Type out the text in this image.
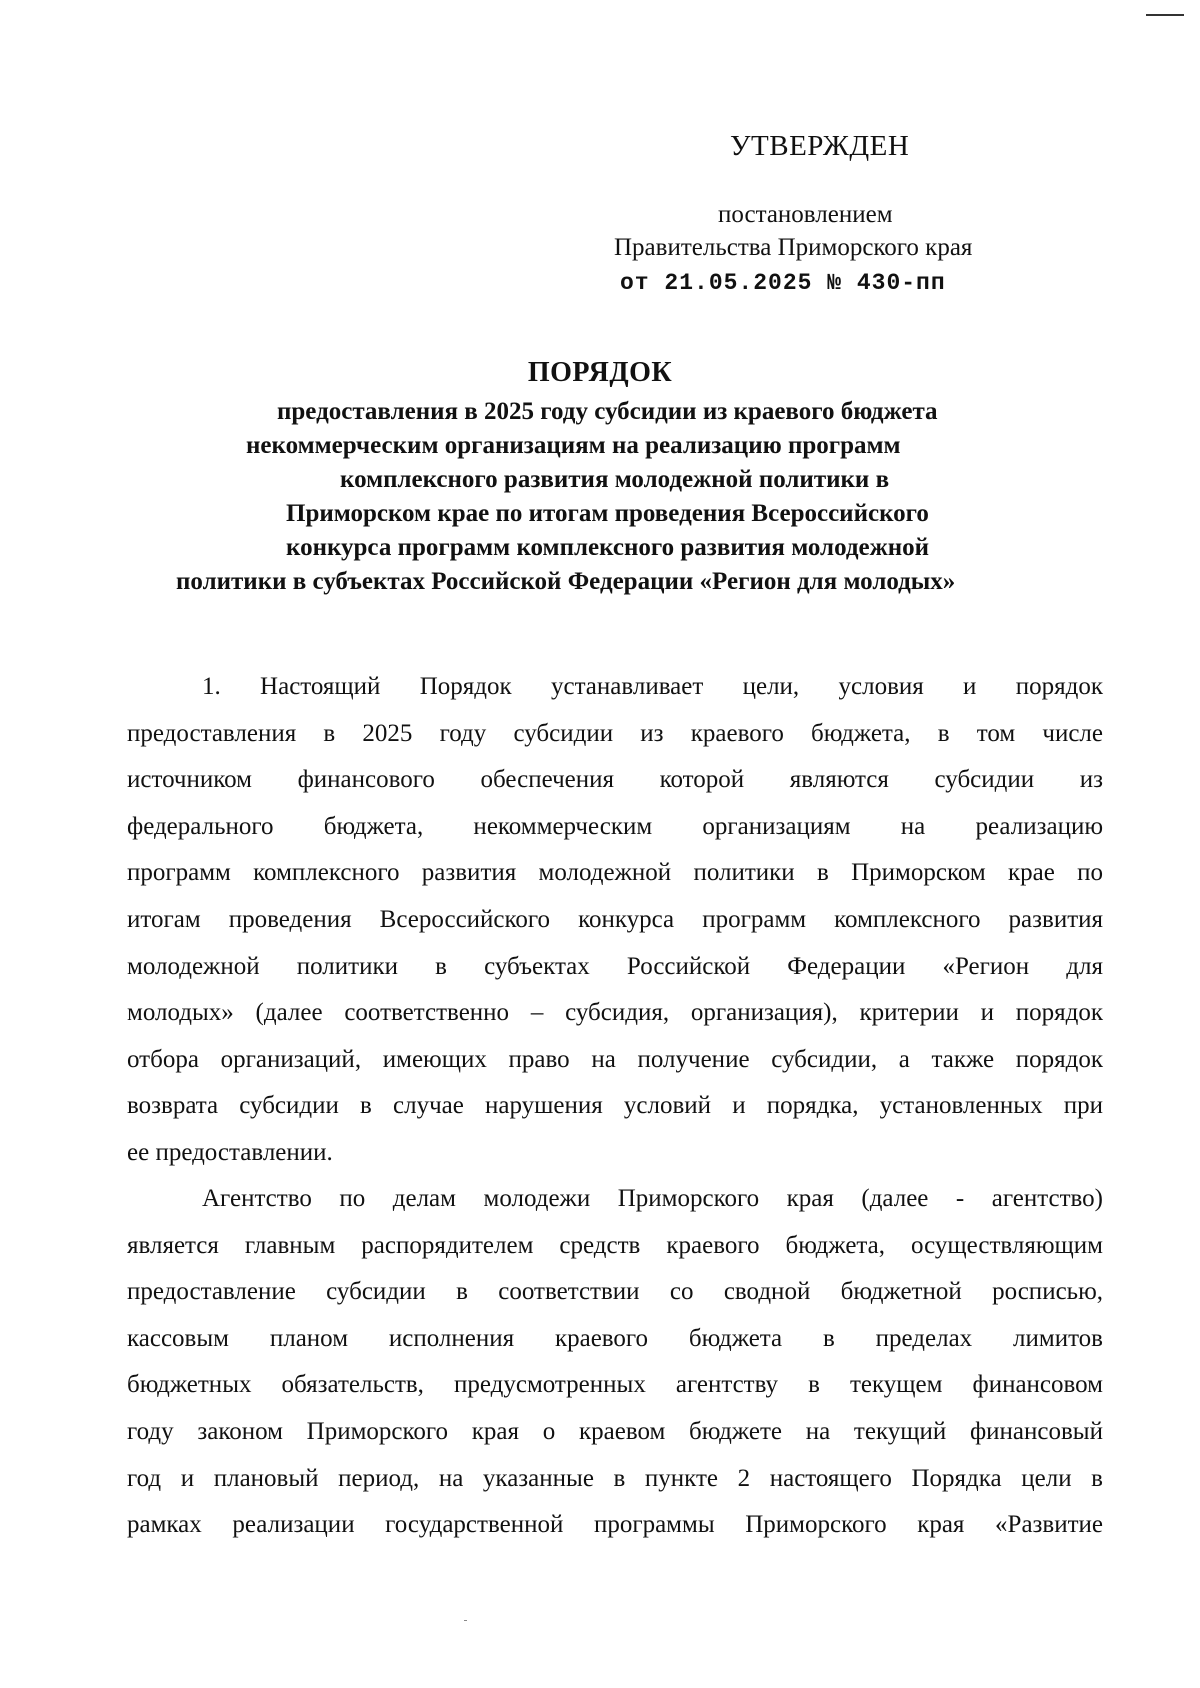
УТВЕРЖДЕН
постановлением
Правительства Приморского края
от 21.05.2025 № 430-пп
ПОРЯДОК
предоставления в 2025 году субсидии из краевого бюджета
некоммерческим организациям на реализацию программ
комплексного развития молодежной политики в
Приморском крае по итогам проведения Всероссийского
конкурса программ комплексного развития молодежной
политики в субъектах Российской Федерации «Регион для молодых»
1. Настоящий Порядок устанавливает цели, условия и порядок
предоставления в 2025 году субсидии из краевого бюджета, в том числе
источником финансового обеспечения которой являются субсидии из
федерального бюджета, некоммерческим организациям на реализацию
программ комплексного развития молодежной политики в Приморском крае по
итогам проведения Всероссийского конкурса программ комплексного развития
молодежной политики в субъектах Российской Федерации «Регион для
молодых» (далее соответственно – субсидия, организация), критерии и порядок
отбора организаций, имеющих право на получение субсидии, а также порядок
возврата субсидии в случае нарушения условий и порядка, установленных при
ее предоставлении.
Агентство по делам молодежи Приморского края (далее - агентство)
является главным распорядителем средств краевого бюджета, осуществляющим
предоставление субсидии в соответствии со сводной бюджетной росписью,
кассовым планом исполнения краевого бюджета в пределах лимитов
бюджетных обязательств, предусмотренных агентству в текущем финансовом
году законом Приморского края о краевом бюджете на текущий финансовый
год и плановый период, на указанные в пункте 2 настоящего Порядка цели в
рамках реализации государственной программы Приморского края «Развитие
